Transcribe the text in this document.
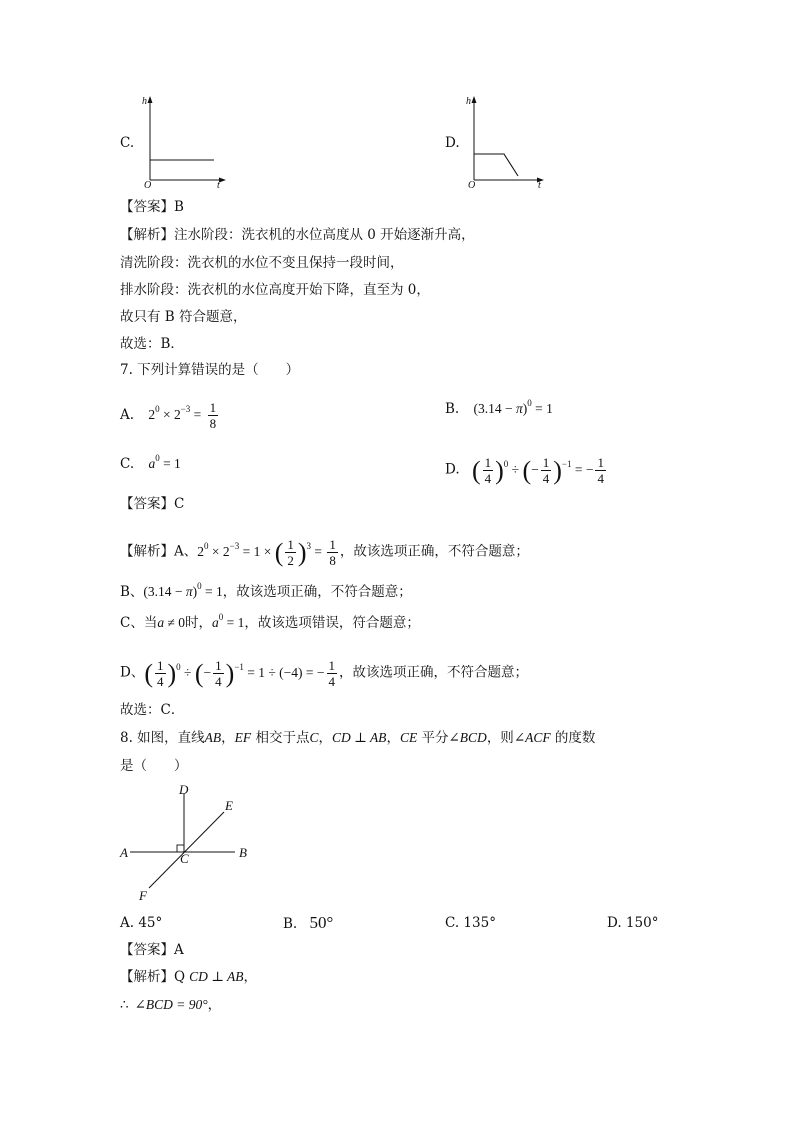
C.
h
O	t
D.
h
O	t
【答案】B
【解析】注水阶段：洗衣机的水位高度从 0 开始逐渐升高，
清洗阶段：洗衣机的水位不变且保持一段时间，
排水阶段：洗衣机的水位高度开始下降，直至为 0，
故只有 B 符合题意，
故选：B．
7. 下列计算错误的是（　　）
A. $2^0 \times 2^{-3} = \frac{1}{8}$	B. $(3.14 - \pi)^0 = 1$
C. $a^0 = 1$	D. ( $\frac{1}{4} )^0$ ÷ (− $\frac{1}{4} )^{-1}$ = − $\frac{1}{4}$
【答案】C
【解析】A、$2^0 \times 2^{-3} = 1$ × ( $\frac{1}{2} )^3 = \frac{1}{8}$ ，故该选项正确，不符合题意；
B、$(3.14 - \pi)^0 = 1$，故该选项正确，不符合题意；
C、当a ≠ 0时，$a^0 = 1$，故该选项错误，符合题意；
D、( $\frac{1}{4} )^0$ ÷ (− $\frac{1}{4} )^{-1} = 1 \div (-4)$ = − $\frac{1}{4}$ ，故该选项正确，不符合题意；
故选：C．
8. 如图，直线AB，EF 相交于点C，CD ⊥ AB，CE 平分∠BCD，则∠ACF 的度数
是（　　）
D
E
A	B
C
F
A. 45°	B. 50°	C. 135°	D. 150°
【答案】A
【解析】Q CD ⊥ AB，
∴ ∠BCD = 90°，
